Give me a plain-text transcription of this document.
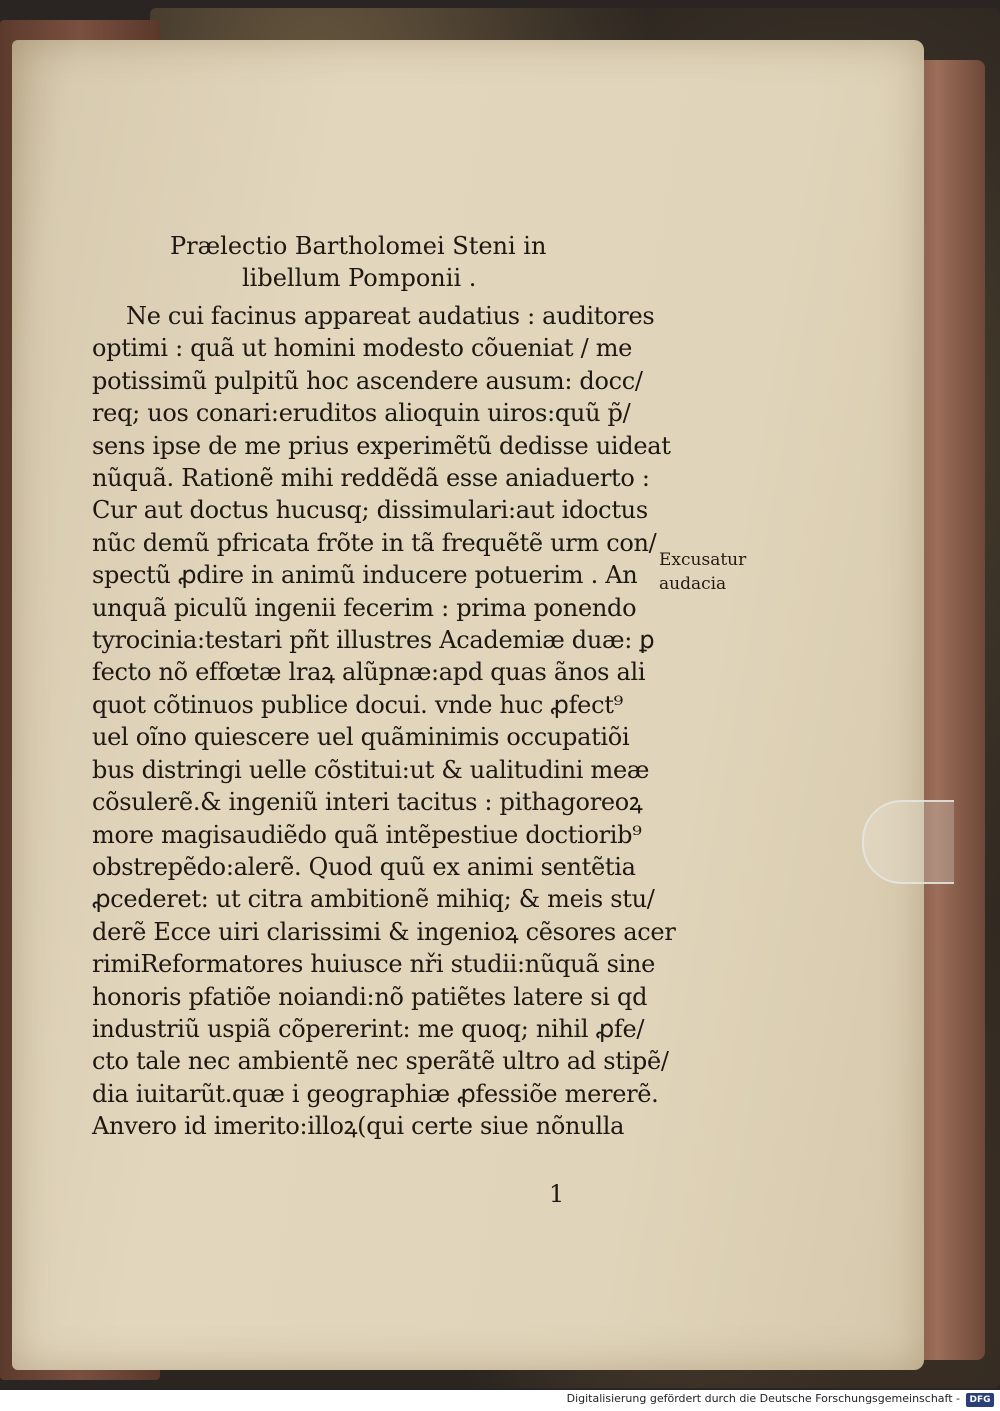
Prælectio Bartholomei Steni in
libellum Pomponii .
Ne cui facinus appareat audatius : auditores
optimi : quã ut homini modesto cõueniat / me
potissimũ pulpitũ hoc ascendere ausum: docc/
req; uos conari:eruditos alioquin uiros:quũ p̃/
sens ipse de me prius experimẽtũ dedisse uideat
nũquã. Rationẽ mihi reddẽdã esse aniaduerto :
Cur aut doctus hucusq; dissimulari:aut idoctus
nũc demũ pfricata frõte in tã frequẽtẽ urm con/
spectũ ꝓdire in animũ inducere potuerim . An
unquã piculũ ingenii fecerim : prima ponendo
tyrocinia:testari pñt illustres Academiæ duæ: ꝑ
fecto nõ effœtæ lraꝝ alũpnæ:apd quas ãnos ali
quot cõtinuos publice docui. vnde huc ꝓfect⁹
uel oĩno quiescere uel quãminimis occupatiõi
bus distringi uelle cõstitui:ut & ualitudini meæ
cõsulerẽ.& ingeniũ interi tacitus : pithagoreoꝝ
more magisaudiẽdo quã intẽpestiue doctiorib⁹
obstrepẽdo:alerẽ. Quod quũ ex animi sentẽtia
ꝓcederet: ut citra ambitionẽ mihiq; & meis stu/
derẽ Ecce uiri clarissimi & ingenioꝝ cẽsores acer
rimiReformatores huiusce nři studii:nũquã sine
honoris pfatiõe noiandi:nõ patiẽtes latere si qd
industriũ uspiã cõpererint: me quoq; nihil ꝓfe/
cto tale nec ambientẽ nec sperãtẽ ultro ad stipẽ/
dia iuitarũt.quæ i geographiæ ꝓfessiõe mererẽ.
Anvero id imerito:illoꝝ(qui certe siue nõnulla
Excusatur
audacia
1
Digitalisierung gefördert durch die Deutsche Forschungsgemeinschaft -	DFG
